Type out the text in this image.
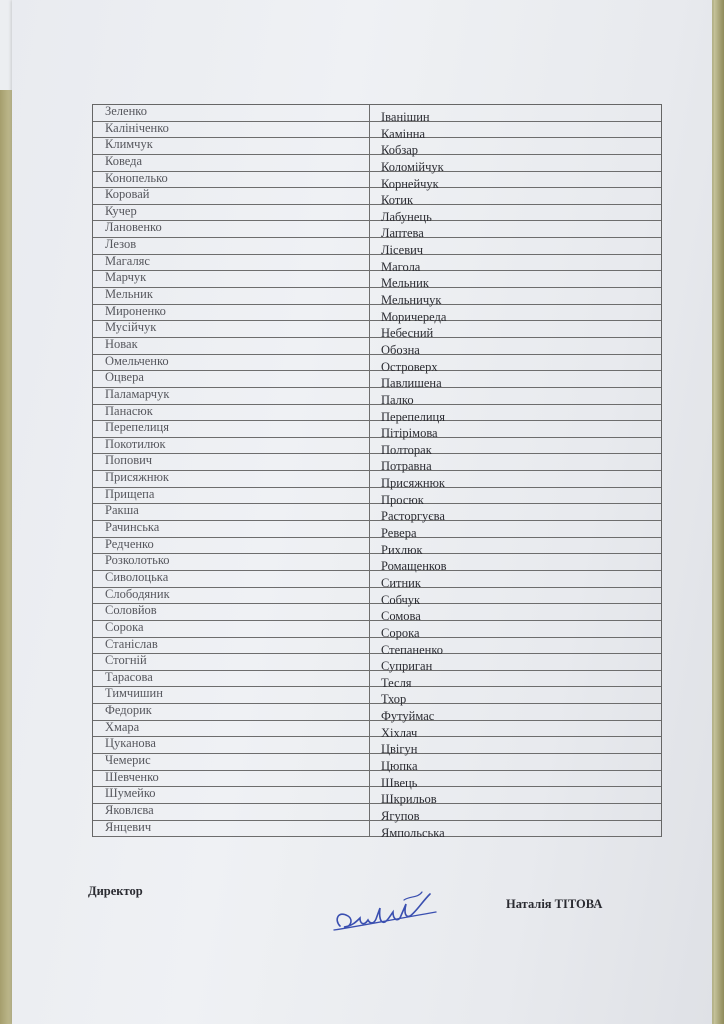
Зеленко	Іванішин
Калініченко	Камінна
Климчук	Кобзар
Коведа	Коломійчук
Конопелько	Корнейчук
Коровай	Котик
Кучер	Лабунець
Лановенко	Лаптева
Лезов	Лісевич
Магаляс	Магола
Марчук	Мельник
Мельник	Мельничук
Мироненко	Моричереда
Мусійчук	Небесний
Новак	Обозна
Омельченко	Островерх
Оцвера	Павлишена
Паламарчук	Палко
Панасюк	Перепелиця
Перепелиця	Пітірімова
Покотилюк	Полторак
Попович	Потравна
Присяжнюк	Присяжнюк
Прищепа	Просюк
Ракша	Расторгуєва
Рачинська	Ревера
Редченко	Рихлюк
Розколотько	Ромащенков
Сиволоцька	Ситник
Слободяник	Собчук
Соловйов	Сомова
Сорока	Сорока
Станіслав	Степаненко
Стогній	Суприган
Тарасова	Тесля
Тимчишин	Тхор
Федорик	Футуймас
Хмара	Хіхлач
Цуканова	Цвігун
Чемерис	Цюпка
Шевченко	Швець
Шумейко	Шкрильов
Яковлєва	Ягупов
Янцевич	Ямпольська
Директор
Наталія ТІТОВА
